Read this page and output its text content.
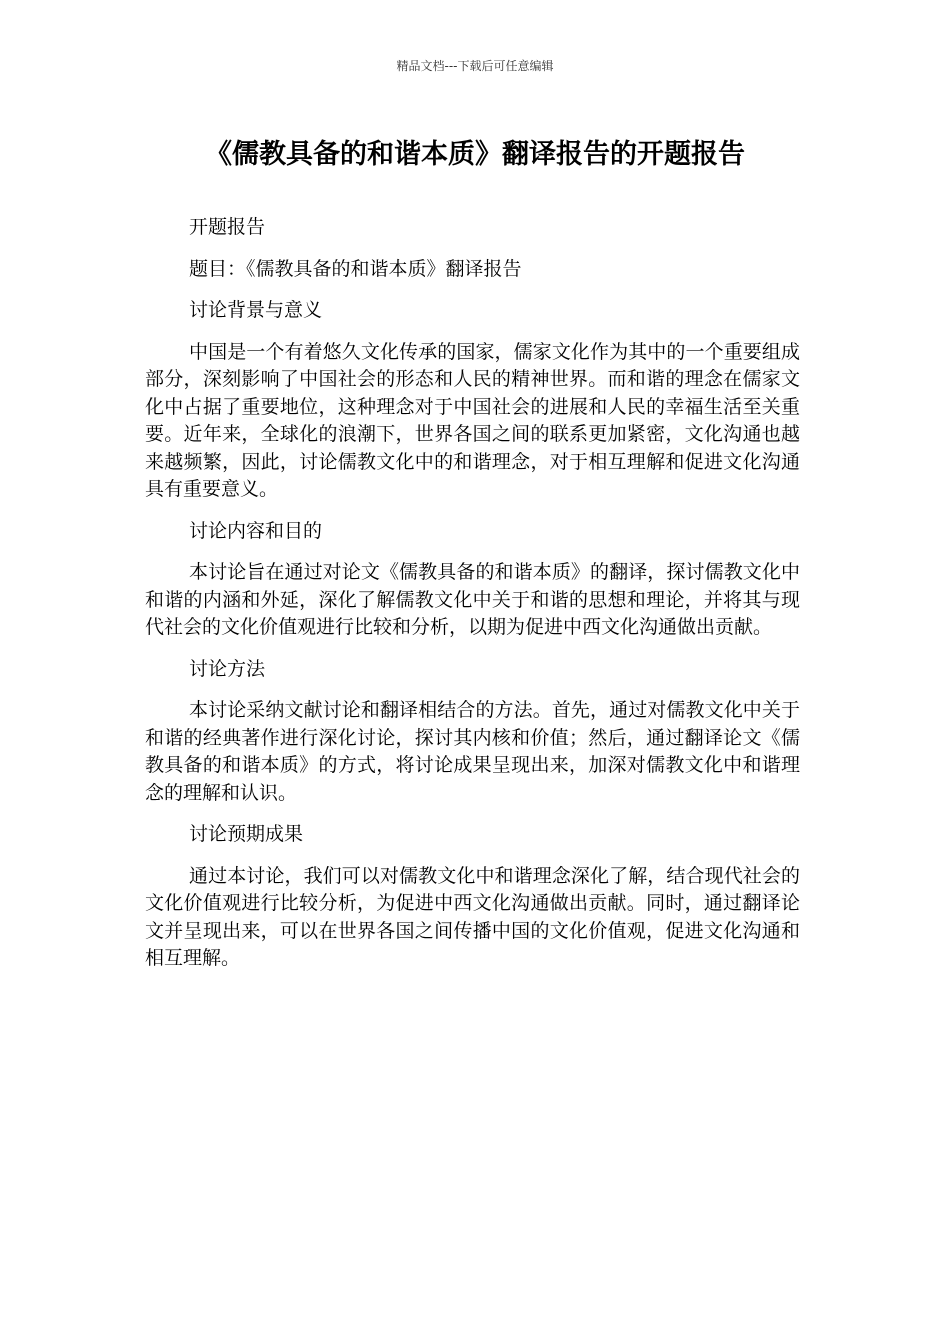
精品文档---下载后可任意编辑
《儒教具备的和谐本质》翻译报告的开题报告

开题报告

题目：《儒教具备的和谐本质》翻译报告

讨论背景与意义

中国是一个有着悠久文化传承的国家，儒家文化作为其中的一个重要组成部分，深刻影响了中国社会的形态和人民的精神世界。而和谐的理念在儒家文化中占据了重要地位，这种理念对于中国社会的进展和人民的幸福生活至关重要。近年来，全球化的浪潮下，世界各国之间的联系更加紧密，文化沟通也越来越频繁，因此，讨论儒教文化中的和谐理念，对于相互理解和促进文化沟通具有重要意义。

讨论内容和目的

本讨论旨在通过对论文《儒教具备的和谐本质》的翻译，探讨儒教文化中和谐的内涵和外延，深化了解儒教文化中关于和谐的思想和理论，并将其与现代社会的文化价值观进行比较和分析，以期为促进中西文化沟通做出贡献。

讨论方法

本讨论采纳文献讨论和翻译相结合的方法。首先，通过对儒教文化中关于和谐的经典著作进行深化讨论，探讨其内核和价值；然后，通过翻译论文《儒教具备的和谐本质》的方式，将讨论成果呈现出来，加深对儒教文化中和谐理念的理解和认识。

讨论预期成果

通过本讨论，我们可以对儒教文化中和谐理念深化了解，结合现代社会的文化价值观进行比较分析，为促进中西文化沟通做出贡献。同时，通过翻译论文并呈现出来，可以在世界各国之间传播中国的文化价值观，促进文化沟通和相互理解。
